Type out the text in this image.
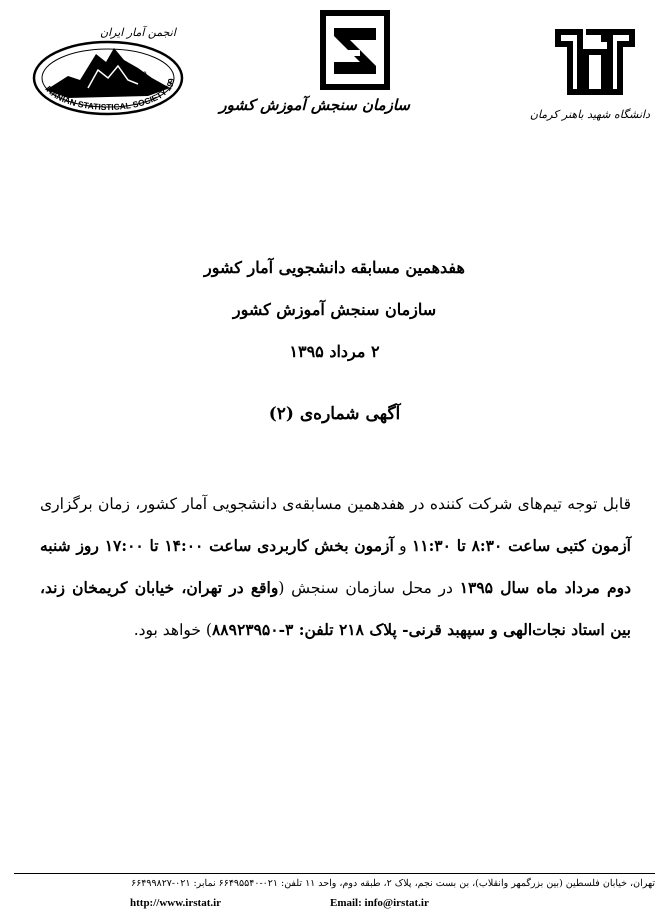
IRANIAN STATISTICAL SOCIETY 199
انجمن آمار ایران
۱۳۶۹
سازمان سنجش آموزش کشور
دانشگاه شهید باهنر کرمان
هفدهمین مسابقه دانشجویی آمار کشور
سازمان سنجش آموزش کشور
۲ مرداد ۱۳۹۵
آگهی شماره‌ی (۲)
قابل توجه تیم‌های شرکت کننده در هفدهمین مسابقه‌ی دانشجویی آمار کشور، زمان برگزاری آزمون کتبی ساعت ۸:۳۰ تا ۱۱:۳۰ و آزمون بخش کاربردی ساعت ۱۴:۰۰ تا ۱۷:۰۰ روز شنبه دوم مرداد ماه سال ۱۳۹۵ در محل سازمان سنجش (واقع در تهران، خیابان کریمخان زند، بین استاد نجات‌الهی و سپهبد قرنی- پلاک ۲۱۸ تلفن: ۳-۸۸۹۲۳۹۵۰) خواهد بود.
تهران، خیابان فلسطین (بین بزرگمهر وانقلاب)، بن بست نجم، پلاک ۲، طبقه دوم، واحد ۱۱ تلفن: ۰۲۱-۶۶۴۹۵۵۴۰ نمابر: ۰۲۱-۶۶۴۹۹۸۲۷
Email: info@irstat.ir
http://www.irstat.ir
